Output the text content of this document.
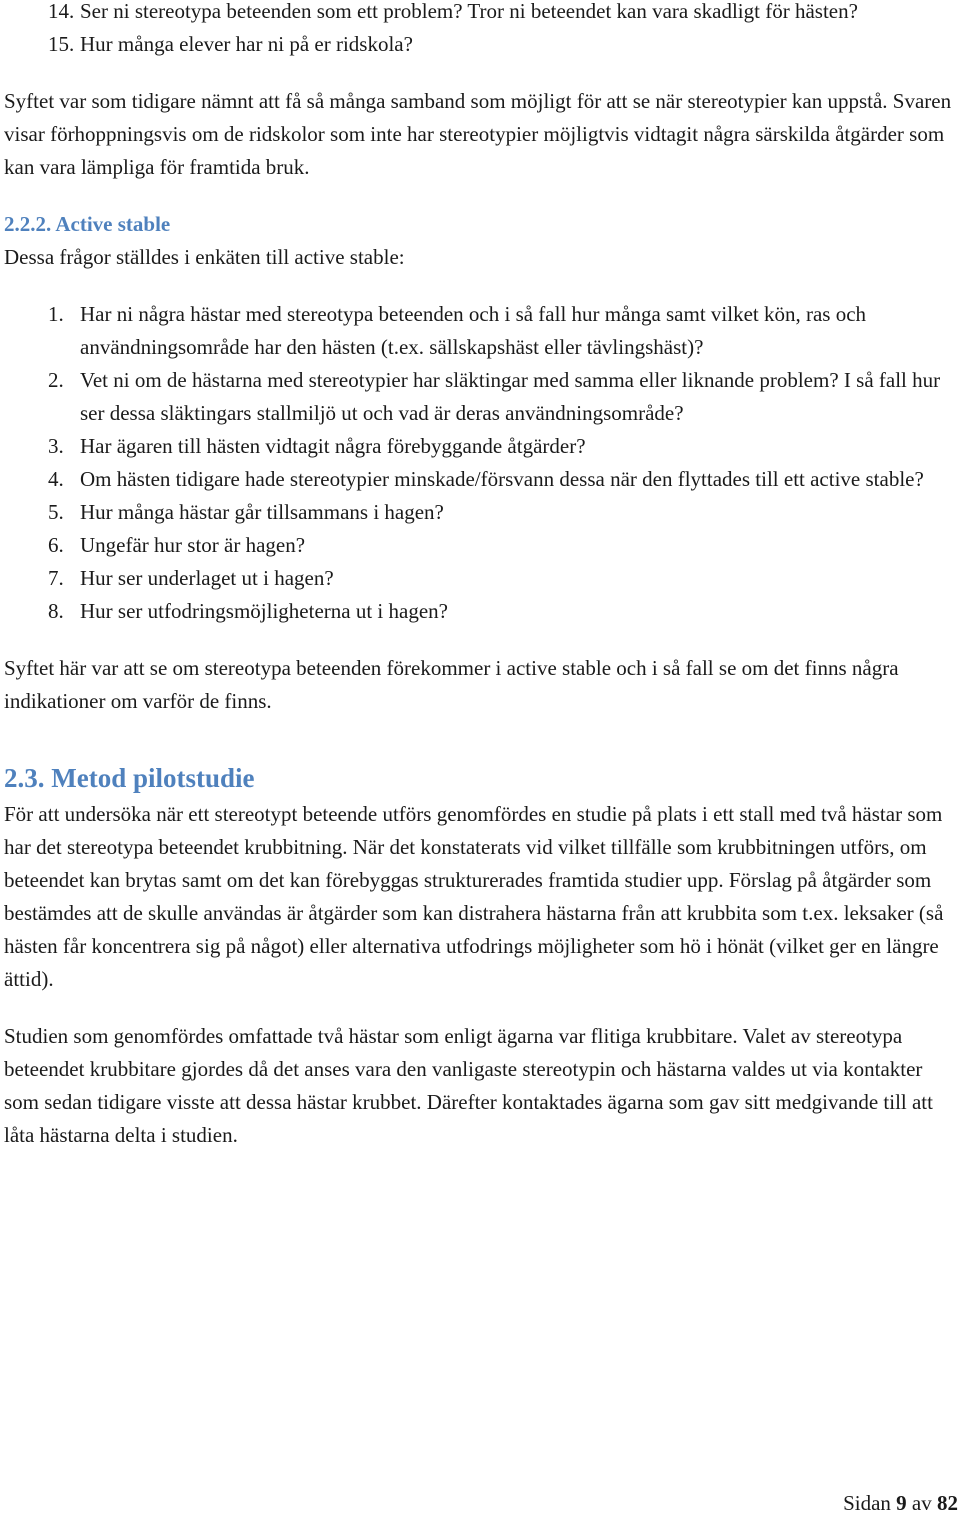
14. Ser ni stereotypa beteenden som ett problem? Tror ni beteendet kan vara skadligt för hästen?
15. Hur många elever har ni på er ridskola?

Syftet var som tidigare nämnt att få så många samband som möjligt för att se när stereotypier kan uppstå. Svaren visar förhoppningsvis om de ridskolor som inte har stereotypier möjligtvis vidtagit några särskilda åtgärder som kan vara lämpliga för framtida bruk.

2.2.2. Active stable

Dessa frågor ställdes i enkäten till active stable:

1. Har ni några hästar med stereotypa beteenden och i så fall hur många samt vilket kön, ras och användningsområde har den hästen (t.ex. sällskapshäst eller tävlingshäst)?
2. Vet ni om de hästarna med stereotypier har släktingar med samma eller liknande problem? I så fall hur ser dessa släktingars stallmiljö ut och vad är deras användningsområde?
3. Har ägaren till hästen vidtagit några förebyggande åtgärder?
4. Om hästen tidigare hade stereotypier minskade/försvann dessa när den flyttades till ett active stable?
5. Hur många hästar går tillsammans i hagen?
6. Ungefär hur stor är hagen?
7. Hur ser underlaget ut i hagen?
8. Hur ser utfodringsmöjligheterna ut i hagen?

Syftet här var att se om stereotypa beteenden förekommer i active stable och i så fall se om det finns några indikationer om varför de finns.

2.3. Metod pilotstudie

För att undersöka när ett stereotypt beteende utförs genomfördes en studie på plats i ett stall med två hästar som har det stereotypa beteendet krubbitning. När det konstaterats vid vilket tillfälle som krubbitningen utförs, om beteendet kan brytas samt om det kan förebyggas strukturerades framtida studier upp. Förslag på åtgärder som bestämdes att de skulle användas är åtgärder som kan distrahera hästarna från att krubbita som t.ex. leksaker (så hästen får koncentrera sig på något) eller alternativa utfodrings möjligheter som hö i hönät (vilket ger en längre ättid).

Studien som genomfördes omfattade två hästar som enligt ägarna var flitiga krubbitare. Valet av stereotypa beteendet krubbitare gjordes då det anses vara den vanligaste stereotypin och hästarna valdes ut via kontakter som sedan tidigare visste att dessa hästar krubbet. Därefter kontaktades ägarna som gav sitt medgivande till att låta hästarna delta i studien.

Sidan 9 av 82
